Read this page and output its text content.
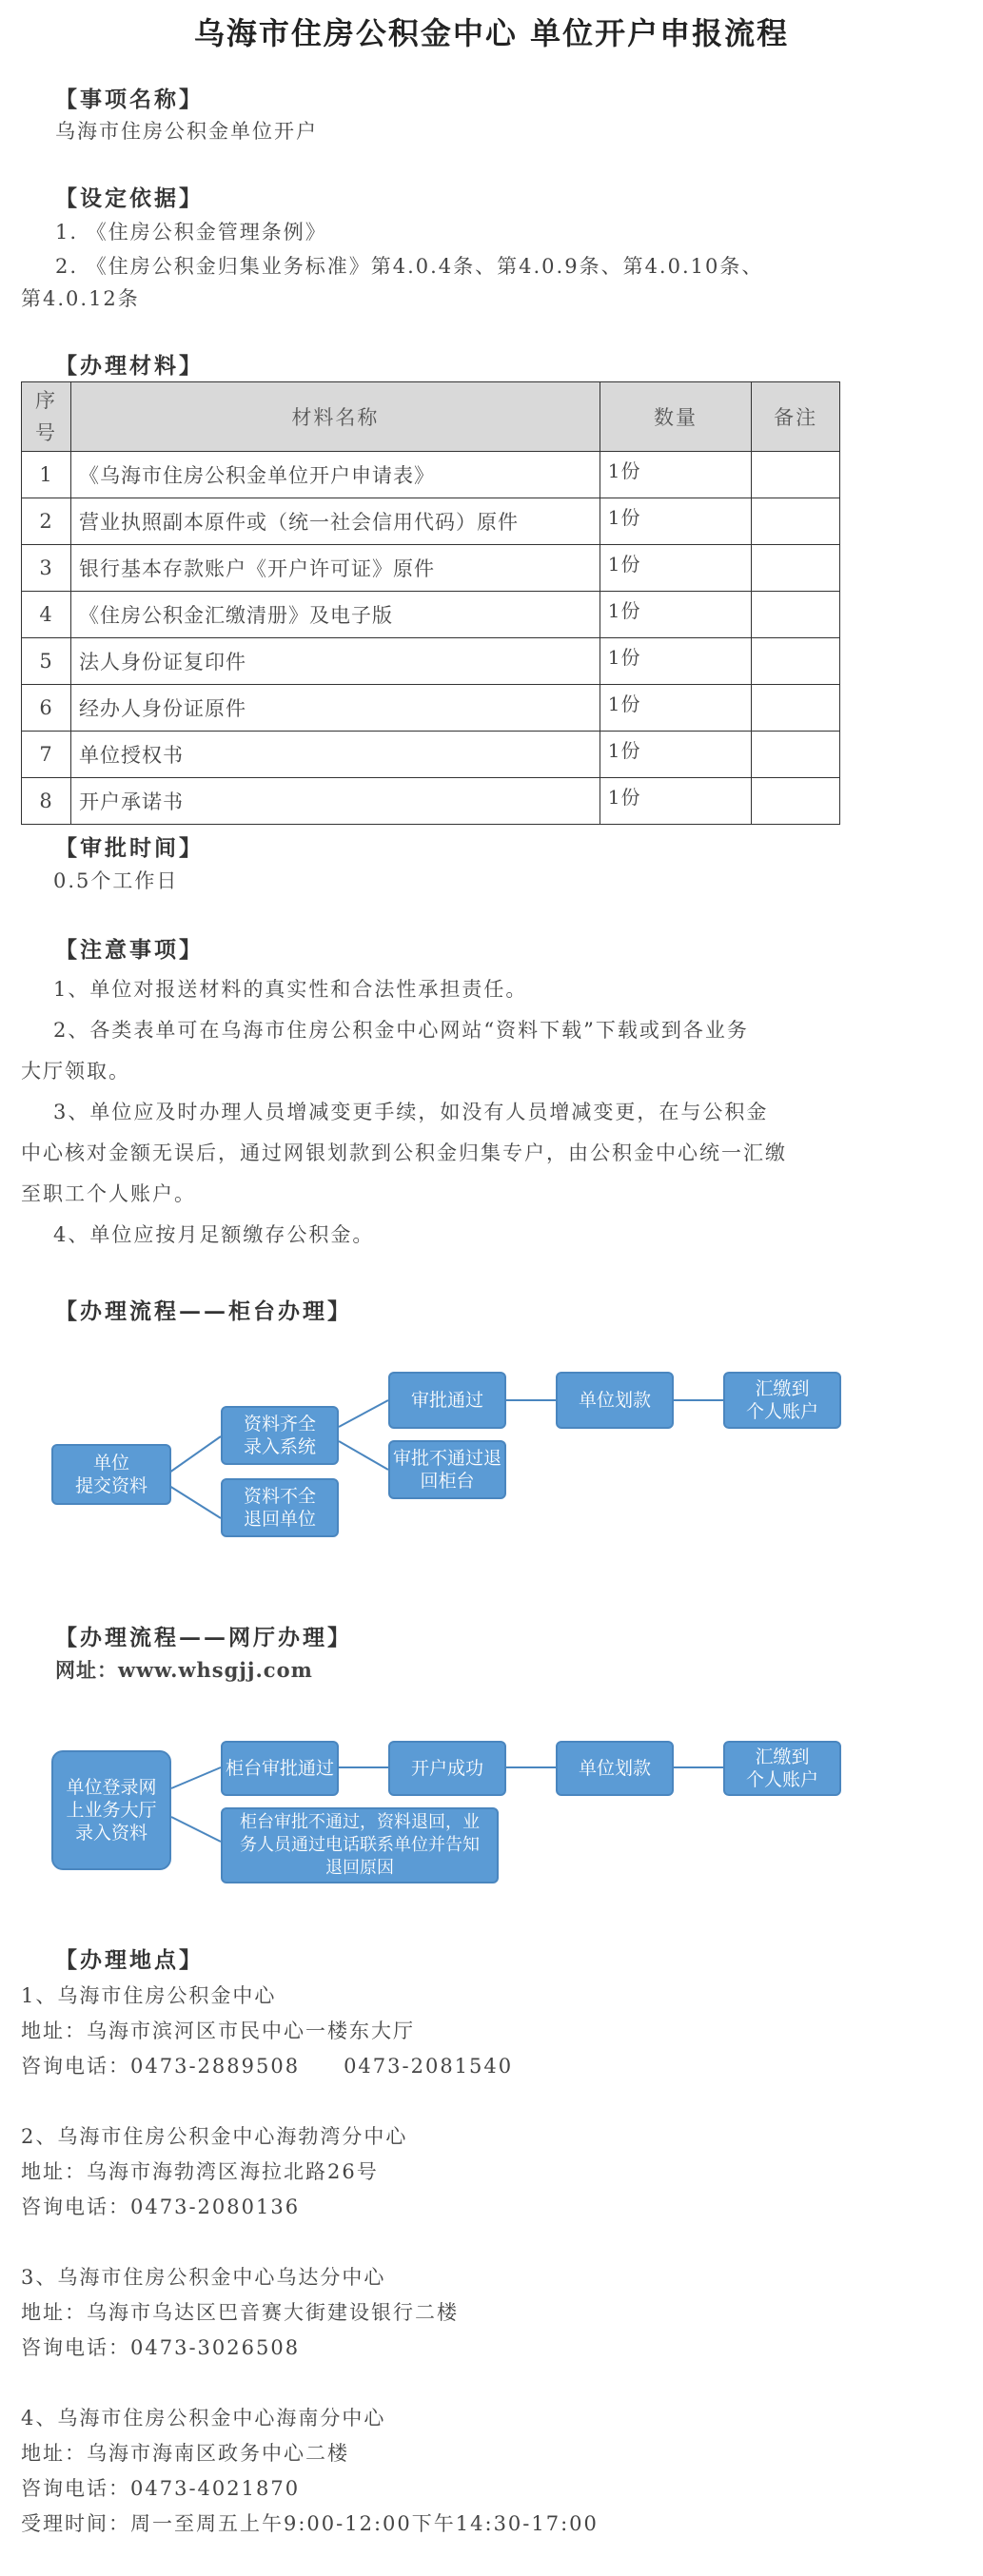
乌海市住房公积金中心 单位开户申报流程
【事项名称】
乌海市住房公积金单位开户
【设定依据】
1. 《住房公积金管理条例》
2. 《住房公积金归集业务标准》第4.0.4条、第4.0.9条、第4.0.10条、
第4.0.12条
【办理材料】
序号	材料名称	数量	备注
1	《乌海市住房公积金单位开户申请表》	1份	
2	营业执照副本原件或（统一社会信用代码）原件	1份	
3	银行基本存款账户《开户许可证》原件	1份	
4	《住房公积金汇缴清册》及电子版	1份	
5	法人身份证复印件	1份	
6	经办人身份证原件	1份	
7	单位授权书	1份	
8	开户承诺书	1份	
【审批时间】
0.5个工作日
【注意事项】
1、单位对报送材料的真实性和合法性承担责任。
2、各类表单可在乌海市住房公积金中心网站“资料下载”下载或到各业务
大厅领取。
3、单位应及时办理人员增减变更手续，如没有人员增减变更，在与公积金
中心核对金额无误后，通过网银划款到公积金归集专户，由公积金中心统一汇缴
至职工个人账户。
4、单位应按月足额缴存公积金。
【办理流程——柜台办理】
单位
提交资料
资料齐全
录入系统
资料不全
退回单位
审批通过
审批不通过退
回柜台
单位划款
汇缴到
个人账户
【办理流程——网厅办理】
网址：www.whsgjj.com
单位登录网
上业务大厅
录入资料
柜台审批通过
柜台审批不通过，资料退回，业
务人员通过电话联系单位并告知
退回原因
开户成功	单位划款
汇缴到
个人账户
【办理地点】
1、乌海市住房公积金中心
地址：乌海市滨河区市民中心一楼东大厅
咨询电话：0473-2889508　　0473-2081540
2、乌海市住房公积金中心海勃湾分中心
地址：乌海市海勃湾区海拉北路26号
咨询电话：0473-2080136
3、乌海市住房公积金中心乌达分中心
地址：乌海市乌达区巴音赛大街建设银行二楼
咨询电话：0473-3026508
4、乌海市住房公积金中心海南分中心
地址：乌海市海南区政务中心二楼
咨询电话：0473-4021870
受理时间：周一至周五上午9:00-12:00下午14:30-17:00
